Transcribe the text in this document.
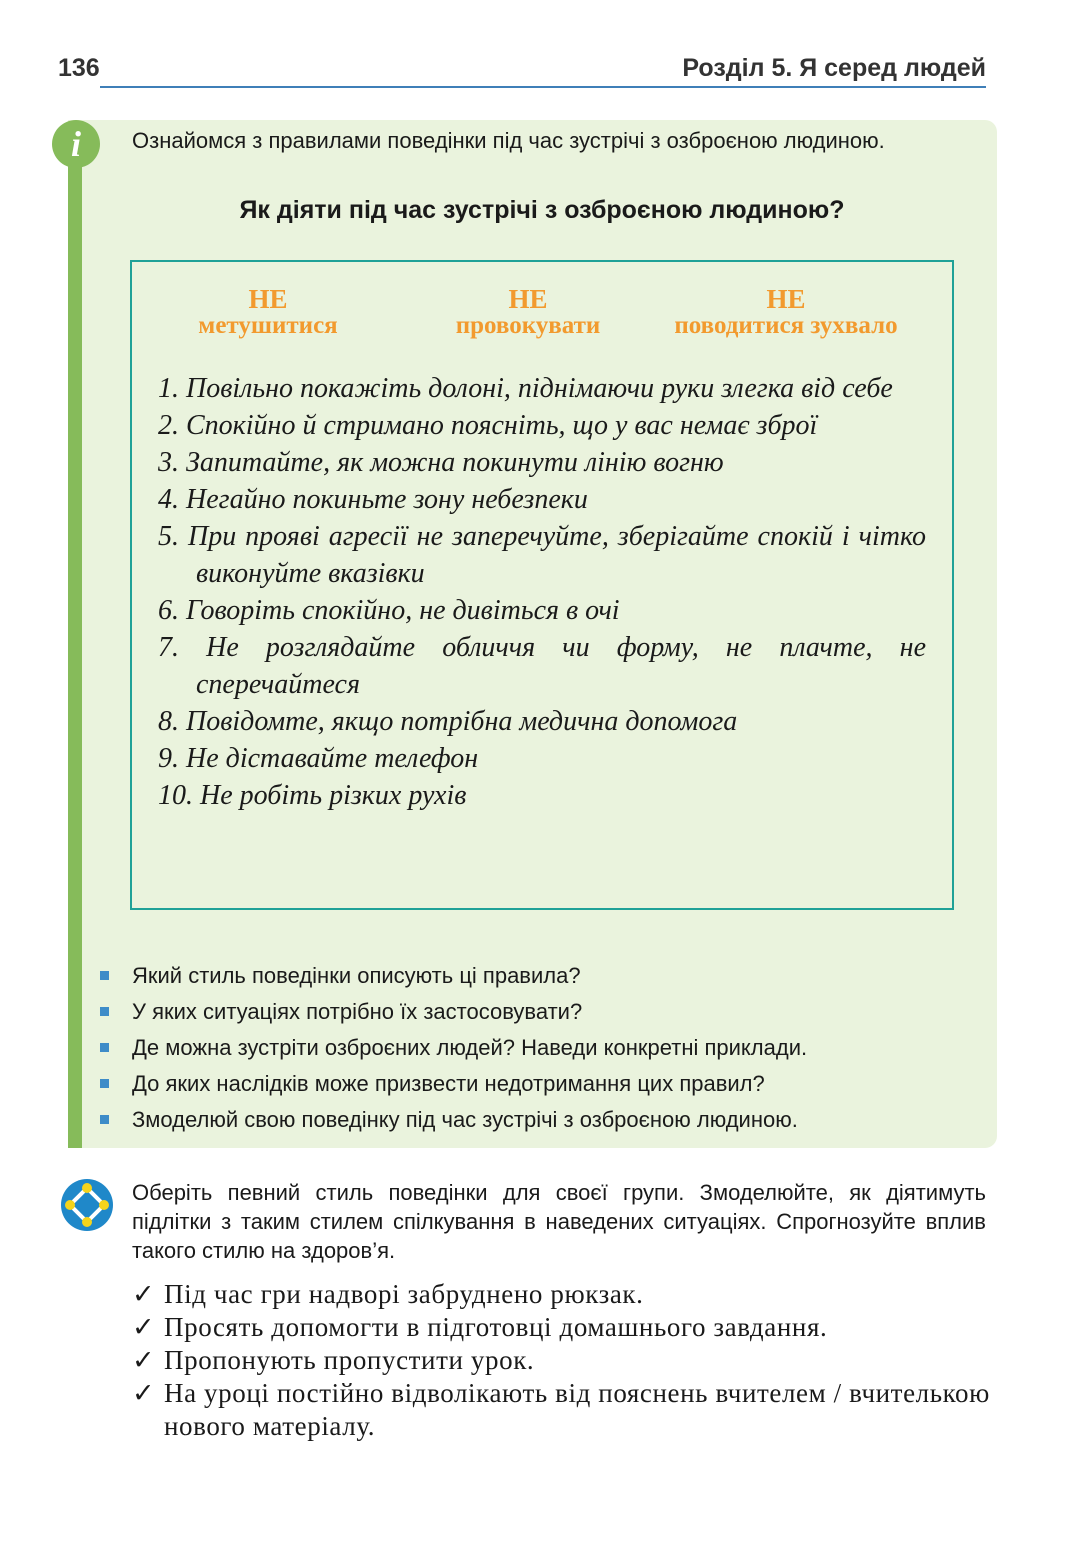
136	Розділ 5. Я серед людей
i	Ознайомся з правилами поведінки під час зустрічі з озброєною людиною.
Як діяти під час зустрічі з озброєною людиною?
НЕ
метушитися
НЕ
провокувати
НЕ
поводитися зухвало
1. Повільно покажіть долоні, піднімаючи руки злегка від себе
2. Спокійно й стримано поясніть, що у вас немає зброї
3. Запитайте, як можна покинути лінію вогню
4. Негайно покиньте зону небезпеки
5. При прояві агресії не заперечуйте, зберігайте спокій і чітко виконуйте вказівки
6. Говоріть спокійно, не дивіться в очі
7. Не розглядайте обличчя чи форму, не плачте, не сперечайтеся
8. Повідомте, якщо потрібна медична допомога
9. Не діставайте телефон
10. Не робіть різких рухів
Який стиль поведінки описують ці правила?
У яких ситуаціях потрібно їх застосовувати?
Де можна зустріти озброєних людей? Наведи конкретні приклади.
До яких наслідків може призвести недотримання цих правил?
Змоделюй свою поведінку під час зустрічі з озброєною людиною.
Оберіть певний стиль поведінки для своєї групи. Змоделюйте, як діятимуть підлітки з таким стилем спілкування в наведених ситуаціях. Спрогнозуйте вплив такого стилю на здоров’я.
✓ Під час гри надворі забруднено рюкзак.
✓ Просять допомогти в підготовці домашнього завдання.
✓ Пропонують пропустити урок.
✓ На уроці постійно відволікають від пояснень вчителем / вчителькою нового матеріалу.
